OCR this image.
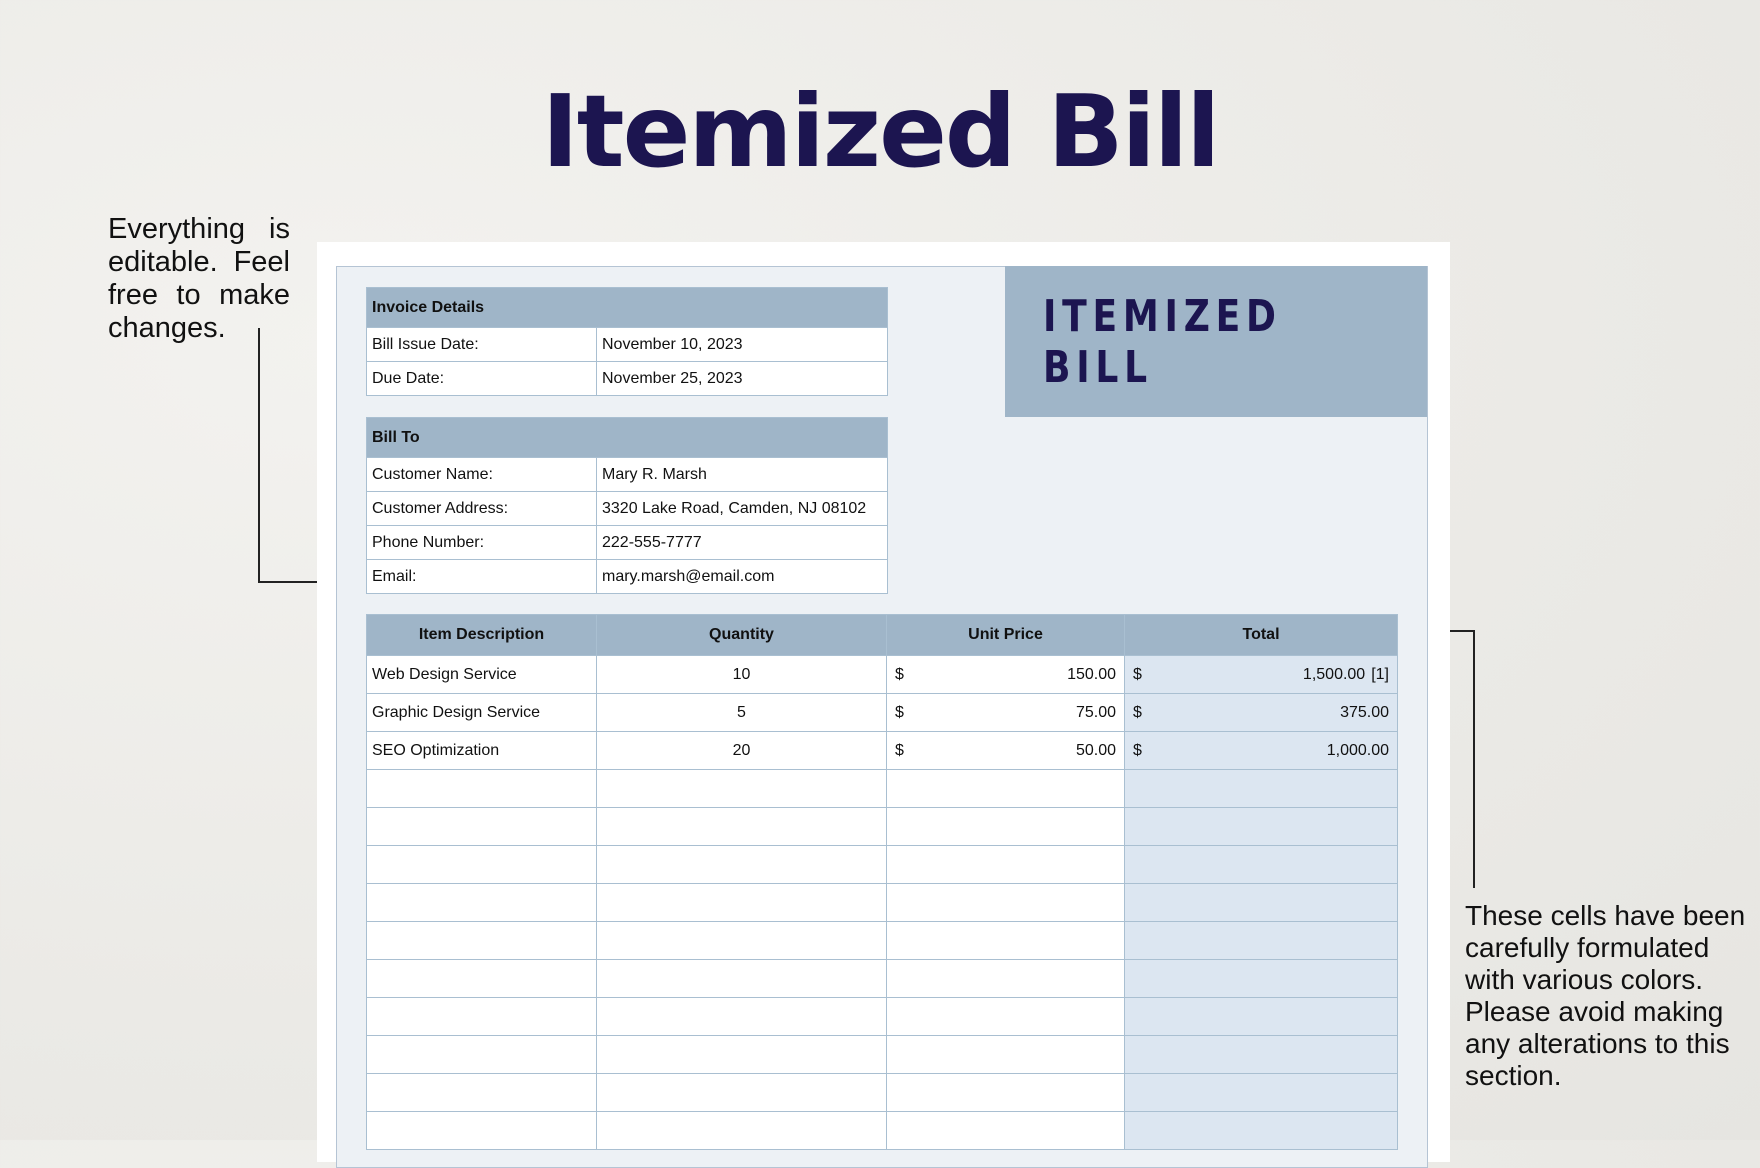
Itemized Bill
Everything is editable. Feel free to make changes.
These cells have been carefully formulated with various colors. Please avoid making any alterations to this section.
ITEMIZED BILL
Invoice Details	
Bill Issue Date:	November 10, 2023
Due Date:	November 25, 2023
Bill To	
Customer Name:	Mary R. Marsh
Customer Address:	3320 Lake Road, Camden, NJ 08102
Phone Number:	222-555-7777
Email:	mary.marsh@email.com
Item Description	Quantity	Unit Price	Total
Web Design Service	10	$ 150.00	$ 1,500.00 [1]

Graphic Design Service	5	$ 75.00	$ 375.00

SEO Optimization	20	$ 50.00	$ 1,000.00
